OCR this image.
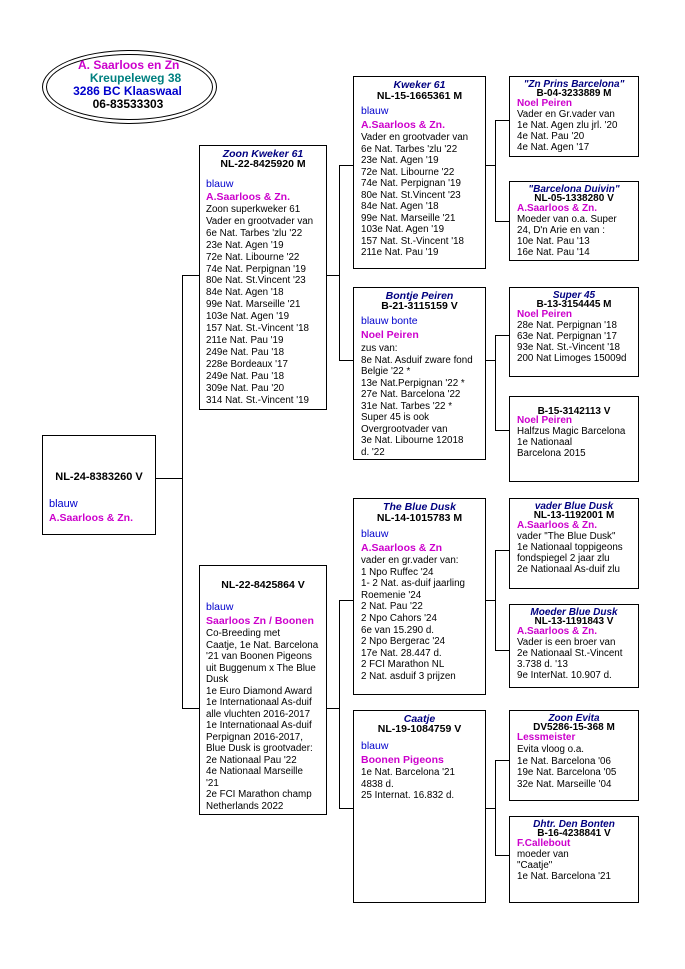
A. Saarloos en Zn
Kreupeleweg 38
3286 BC Klaaswaal
06-83533303
NL-24-8383260 V
blauw
A.Saarloos & Zn.
Zoon Kweker 61
NL-22-8425920 M
blauw
A.Saarloos & Zn.
Zoon superkweker 61
Vader en grootvader van
6e Nat. Tarbes 'zlu '22
23e Nat. Agen '19
72e Nat. Libourne '22
74e Nat. Perpignan '19
80e Nat. St.Vincent '23
84e Nat. Agen '18
99e Nat. Marseille '21
103e Nat. Agen '19
157 Nat. St.-Vincent '18
211e Nat. Pau '19
249e Nat. Pau '18
228e Bordeaux '17
249e Nat. Pau '18
309e Nat. Pau '20
314 Nat. St.-Vincent '19
NL-22-8425864 V
blauw
Saarloos Zn / Boonen
Co-Breeding met
Caatje, 1e Nat. Barcelona
'21 van Boonen Pigeons
uit Buggenum x The Blue
Dusk
1e Euro Diamond Award
1e Internationaal As-duif
alle vluchten 2016-2017
1e Internationaal As-duif
Perpignan 2016-2017,
Blue Dusk is grootvader:
2e Nationaal Pau '22
4e Nationaal Marseille
'21
2e FCI Marathon champ
Netherlands 2022
Kweker 61
NL-15-1665361 M
blauw
A.Saarloos & Zn.
Vader en grootvader van
6e Nat. Tarbes 'zlu '22
23e Nat. Agen '19
72e Nat. Libourne '22
74e Nat. Perpignan '19
80e Nat. St.Vincent '23
84e Nat. Agen '18
99e Nat. Marseille '21
103e Nat. Agen '19
157 Nat. St.-Vincent '18
211e Nat. Pau '19
Bontje Peiren
B-21-3115159 V
blauw bonte
Noel Peiren
zus van:
8e Nat. Asduif zware fond
Belgie '22 *
13e Nat.Perpignan '22 *
27e Nat. Barcelona '22
31e Nat. Tarbes '22 *
Super 45 is ook
Overgrootvader van
3e Nat. Libourne 12018
d. '22
The Blue Dusk
NL-14-1015783 M
blauw
A.Saarloos & Zn
vader en gr.vader van:
1 Npo Ruffec '24
1- 2 Nat. as-duif jaarling
Roemenie '24
2 Nat. Pau '22
2 Npo Cahors '24
6e van 15.290 d.
2 Npo Bergerac '24
17e Nat. 28.447 d.
2 FCI Marathon NL
2 Nat. asduif 3 prijzen
Caatje
NL-19-1084759 V
blauw
Boonen Pigeons
1e Nat. Barcelona '21
4838 d.
25 Internat. 16.832 d.
"Zn Prins Barcelona"
B-04-3233889 M
Noel Peiren
Vader en Gr.vader van
1e Nat. Agen zlu jrl. '20
4e Nat. Pau '20
4e Nat. Agen '17
"Barcelona Duivin"
NL-05-1338280 V
A.Saarloos & Zn.
Moeder van o.a. Super
24, D'n Arie en van :
10e Nat. Pau '13
16e Nat. Pau '14
Super 45
B-13-3154445 M
Noel Peiren
28e Nat. Perpignan '18
63e Nat. Perpignan '17
93e Nat. St.-Vincent '18
200 Nat Limoges 15009d
B-15-3142113 V
Noel Peiren
Halfzus Magic Barcelona
1e Nationaal
Barcelona 2015
vader Blue Dusk
NL-13-1192001 M
A.Saarloos & Zn.
vader "The Blue Dusk"
1e Nationaal toppigeons
fondspiegel 2 jaar zlu
2e Nationaal As-duif zlu
Moeder Blue Dusk
NL-13-1191843 V
A.Saarloos & Zn.
Vader is een broer van
2e Nationaal St.-Vincent
3.738 d. '13
9e InterNat. 10.907 d.
Zoon Evita
DV5286-15-368 M
Lessmeister
Evita vloog o.a.
1e Nat. Barcelona '06
19e Nat. Barcelona '05
32e Nat. Marseille '04
Dhtr. Den Bonten
B-16-4238841 V
F.Callebout
moeder van
"Caatje"
1e Nat. Barcelona '21
